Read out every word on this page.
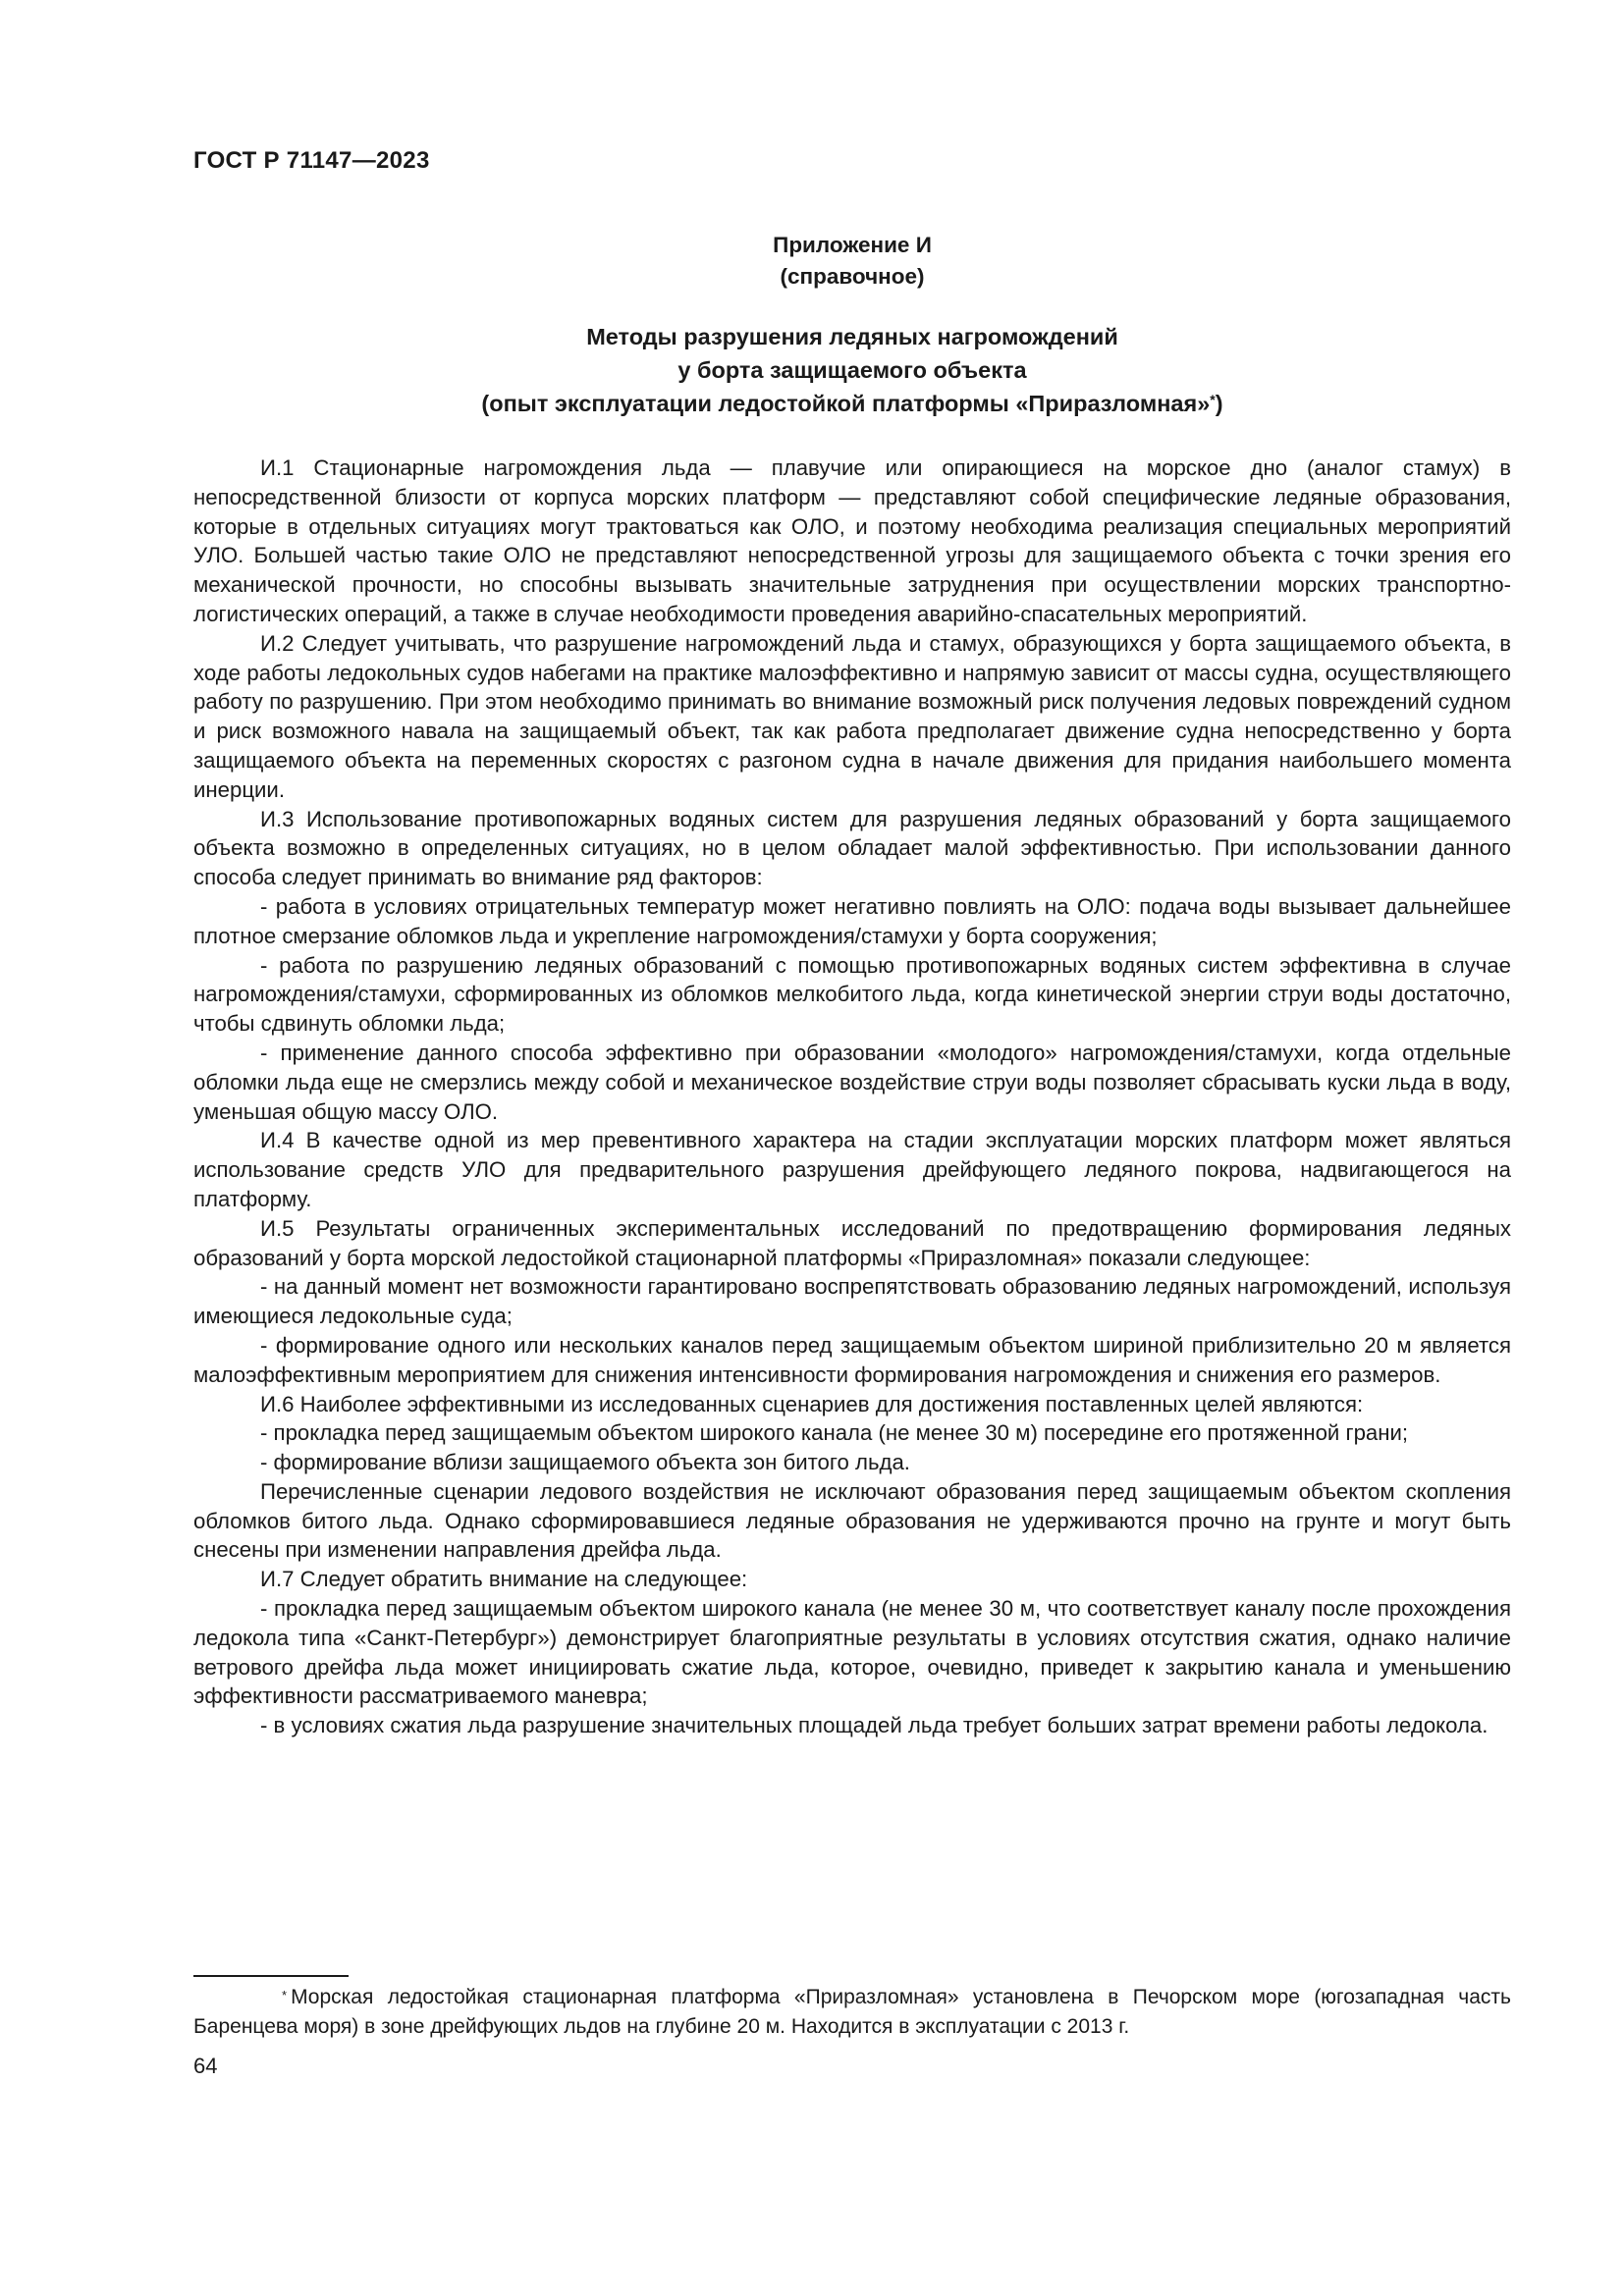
ГОСТ Р 71147—2023
Приложение И
(справочное)
Методы разрушения ледяных нагромождений
у борта защищаемого объекта
(опыт эксплуатации ледостойкой платформы «Приразломная»*)

И.1 Стационарные нагромождения льда — плавучие или опирающиеся на морское дно (аналог стамух) в непосредственной близости от корпуса морских платформ — представляют собой специфические ледяные образования, которые в отдельных ситуациях могут трактоваться как ОЛО, и поэтому необходима реализация специальных мероприятий УЛО. Большей частью такие ОЛО не представляют непосредственной угрозы для защищаемого объекта с точки зрения его механической прочности, но способны вызывать значительные затруднения при осуществлении морских транспортно-логистических операций, а также в случае необходимости проведения аварийно-спасательных мероприятий.

И.2 Следует учитывать, что разрушение нагромождений льда и стамух, образующихся у борта защищаемого объекта, в ходе работы ледокольных судов набегами на практике малоэффективно и напрямую зависит от массы судна, осуществляющего работу по разрушению. При этом необходимо принимать во внимание возможный риск получения ледовых повреждений судном и риск возможного навала на защищаемый объект, так как работа предполагает движение судна непосредственно у борта защищаемого объекта на переменных скоростях с разгоном судна в начале движения для придания наибольшего момента инерции.

И.3 Использование противопожарных водяных систем для разрушения ледяных образований у борта защищаемого объекта возможно в определенных ситуациях, но в целом обладает малой эффективностью. При использовании данного способа следует принимать во внимание ряд факторов:

- работа в условиях отрицательных температур может негативно повлиять на ОЛО: подача воды вызывает дальнейшее плотное смерзание обломков льда и укрепление нагромождения/стамухи у борта сооружения;

- работа по разрушению ледяных образований с помощью противопожарных водяных систем эффективна в случае нагромождения/стамухи, сформированных из обломков мелкобитого льда, когда кинетической энергии струи воды достаточно, чтобы сдвинуть обломки льда;

- применение данного способа эффективно при образовании «молодого» нагромождения/стамухи, когда отдельные обломки льда еще не смерзлись между собой и механическое воздействие струи воды позволяет сбрасывать куски льда в воду, уменьшая общую массу ОЛО.

И.4 В качестве одной из мер превентивного характера на стадии эксплуатации морских платформ может являться использование средств УЛО для предварительного разрушения дрейфующего ледяного покрова, надвигающегося на платформу.

И.5 Результаты ограниченных экспериментальных исследований по предотвращению формирования ледяных образований у борта морской ледостойкой стационарной платформы «Приразломная» показали следующее:

- на данный момент нет возможности гарантировано воспрепятствовать образованию ледяных нагромождений, используя имеющиеся ледокольные суда;

- формирование одного или нескольких каналов перед защищаемым объектом шириной приблизительно 20 м является малоэффективным мероприятием для снижения интенсивности формирования нагромождения и снижения его размеров.

И.6 Наиболее эффективными из исследованных сценариев для достижения поставленных целей являются:

- прокладка перед защищаемым объектом широкого канала (не менее 30 м) посередине его протяженной грани;

- формирование вблизи защищаемого объекта зон битого льда.

Перечисленные сценарии ледового воздействия не исключают образования перед защищаемым объектом скопления обломков битого льда. Однако сформировавшиеся ледяные образования не удерживаются прочно на грунте и могут быть снесены при изменении направления дрейфа льда.

И.7 Следует обратить внимание на следующее:

- прокладка перед защищаемым объектом широкого канала (не менее 30 м, что соответствует каналу после прохождения ледокола типа «Санкт-Петербург») демонстрирует благоприятные результаты в условиях отсутствия сжатия, однако наличие ветрового дрейфа льда может инициировать сжатие льда, которое, очевидно, приведет к закрытию канала и уменьшению эффективности рассматриваемого маневра;

- в условиях сжатия льда разрушение значительных площадей льда требует больших затрат времени работы ледокола.

* Морская ледостойкая стационарная платформа «Приразломная» установлена в Печорском море (югозападная часть Баренцева моря) в зоне дрейфующих льдов на глубине 20 м. Находится в эксплуатации с 2013 г.

64
